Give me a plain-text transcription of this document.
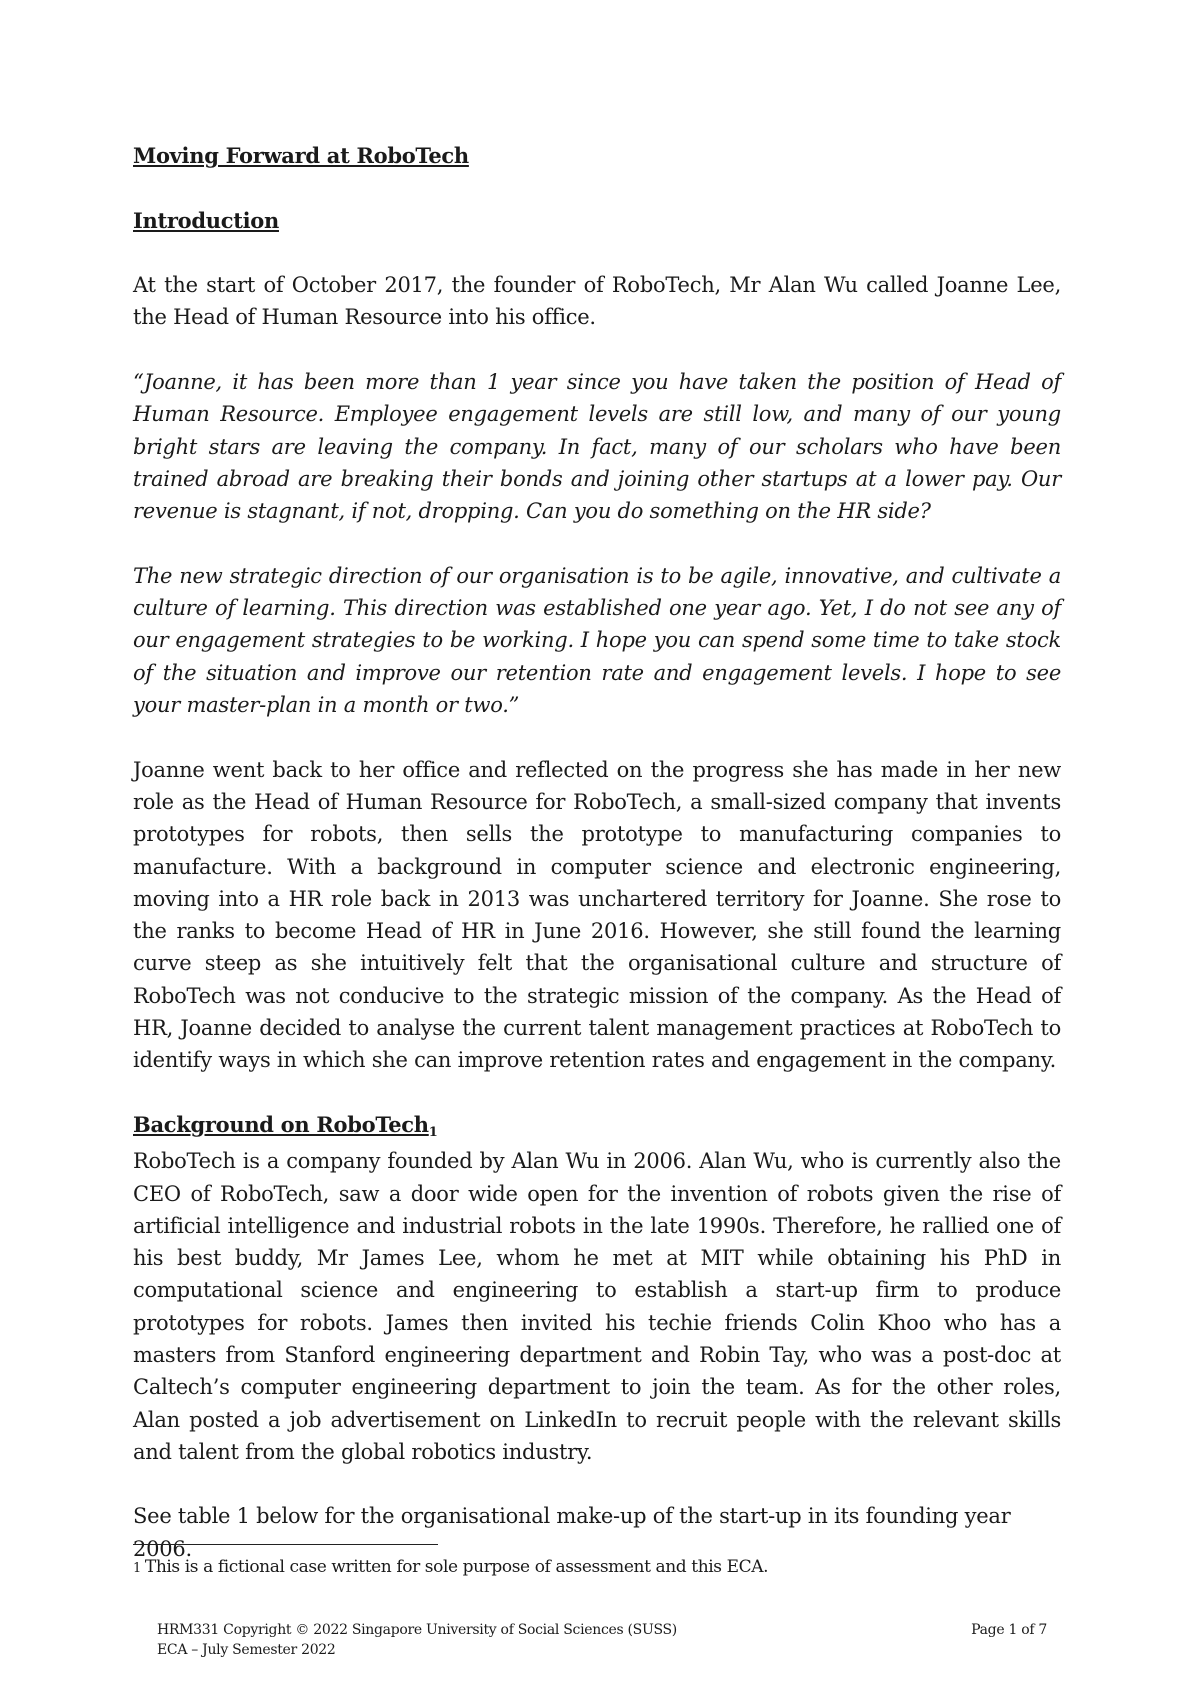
Moving Forward at RoboTech

Introduction

At the start of October 2017, the founder of RoboTech, Mr Alan Wu called Joanne Lee, the Head of Human Resource into his office.

“Joanne, it has been more than 1 year since you have taken the position of Head of Human Resource. Employee engagement levels are still low, and many of our young bright stars are leaving the company. In fact, many of our scholars who have been trained abroad are breaking their bonds and joining other startups at a lower pay. Our revenue is stagnant, if not, dropping. Can you do something on the HR side?

The new strategic direction of our organisation is to be agile, innovative, and cultivate a culture of learning. This direction was established one year ago. Yet, I do not see any of our engagement strategies to be working. I hope you can spend some time to take stock of the situation and improve our retention rate and engagement levels. I hope to see your master-plan in a month or two.”

Joanne went back to her office and reflected on the progress she has made in her new role as the Head of Human Resource for RoboTech, a small-sized company that invents prototypes for robots, then sells the prototype to manufacturing companies to manufacture. With a background in computer science and electronic engineering, moving into a HR role back in 2013 was unchartered territory for Joanne. She rose to the ranks to become Head of HR in June 2016. However, she still found the learning curve steep as she intuitively felt that the organisational culture and structure of RoboTech was not conducive to the strategic mission of the company. As the Head of HR, Joanne decided to analyse the current talent management practices at RoboTech to identify ways in which she can improve retention rates and engagement in the company.

Background on RoboTech1

RoboTech is a company founded by Alan Wu in 2006. Alan Wu, who is currently also the CEO of RoboTech, saw a door wide open for the invention of robots given the rise of artificial intelligence and industrial robots in the late 1990s. Therefore, he rallied one of his best buddy, Mr James Lee, whom he met at MIT while obtaining his PhD in computational science and engineering to establish a start-up firm to produce prototypes for robots. James then invited his techie friends Colin Khoo who has a masters from Stanford engineering department and Robin Tay, who was a post-doc at Caltech’s computer engineering department to join the team. As for the other roles, Alan posted a job advertisement on LinkedIn to recruit people with the relevant skills and talent from the global robotics industry.

See table 1 below for the organisational make-up of the start-up in its founding year 2006.

1 This is a fictional case written for sole purpose of assessment and this ECA.
HRM331 Copyright © 2022 Singapore University of Social Sciences (SUSS)	Page 1 of 7
ECA – July Semester 2022
